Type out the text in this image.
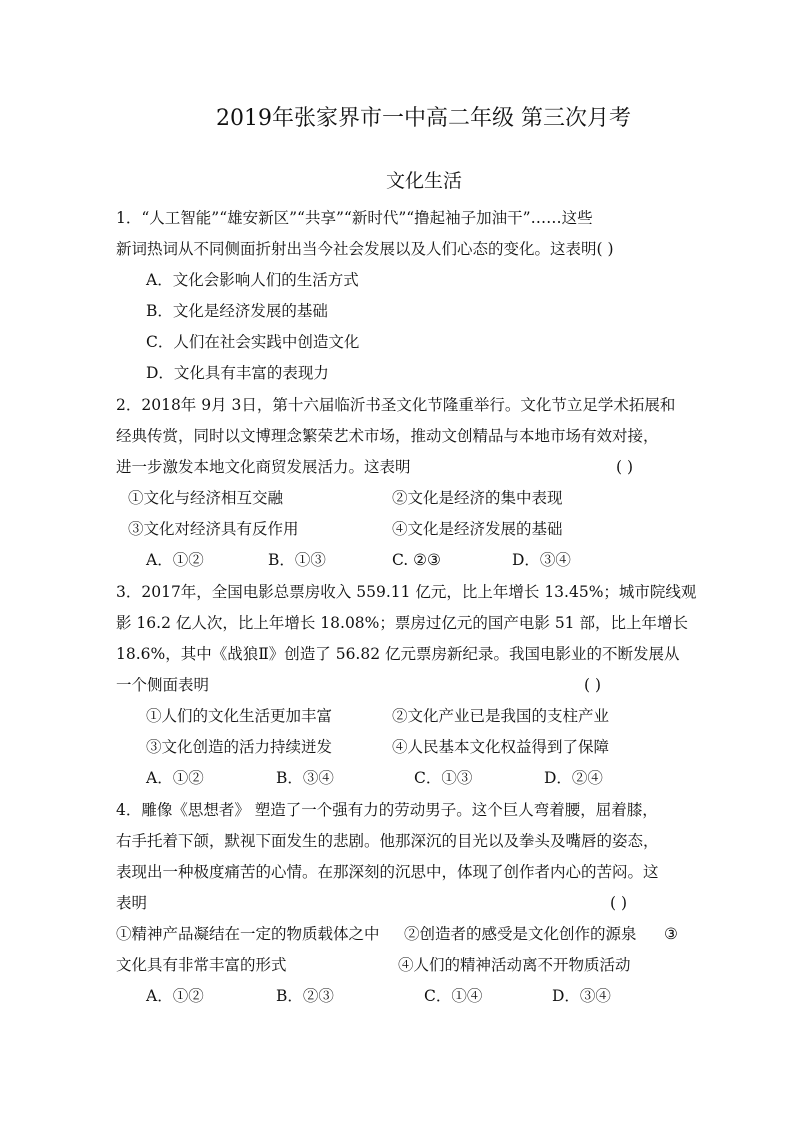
2019年张家界市一中高二年级 第三次月考
文化生活
1．“人工智能”“雄安新区”“共享”“新时代”“撸起袖子加油干”……这些
新词热词从不同侧面折射出当今社会发展以及人们心态的变化。这表明( )
A．文化会影响人们的生活方式
B．文化是经济发展的基础
C．人们在社会实践中创造文化
D．文化具有丰富的表现力
2．2018年 9月 3日，第十六届临沂书圣文化节隆重举行。文化节立足学术拓展和
经典传赏，同时以文博理念繁荣艺术市场，推动文创精品与本地市场有效对接，
进一步激发本地文化商贸发展活力。这表明	( )
①文化与经济相互交融	②文化是经济的集中表现
③文化对经济具有反作用	④文化是经济发展的基础
A．①②	B．①③	C. ②③	D．③④
3．2017年，全国电影总票房收入 559.11 亿元，比上年增长 13.45%；城市院线观
影 16.2 亿人次，比上年增长 18.08%；票房过亿元的国产电影 51 部，比上年增长
18.6%，其中《战狼Ⅱ》创造了 56.82 亿元票房新纪录。我国电影业的不断发展从
一个侧面表明	( )
①人们的文化生活更加丰富	②文化产业已是我国的支柱产业
③文化创造的活力持续迸发	④人民基本文化权益得到了保障
A．①②	B．③④	C．①③	D．②④
4．雕像《思想者》 塑造了一个强有力的劳动男子。这个巨人弯着腰，屈着膝，
右手托着下颌，默视下面发生的悲剧。他那深沉的目光以及拳头及嘴唇的姿态，
表现出一种极度痛苦的心情。在那深刻的沉思中，体现了创作者内心的苦闷。这
表明	( )
①精神产品凝结在一定的物质载体之中 ②创造者的感受是文化创作的源泉 ③
文化具有非常丰富的形式	④人们的精神活动离不开物质活动
A．①②	B．②③	C．①④	D．③④
